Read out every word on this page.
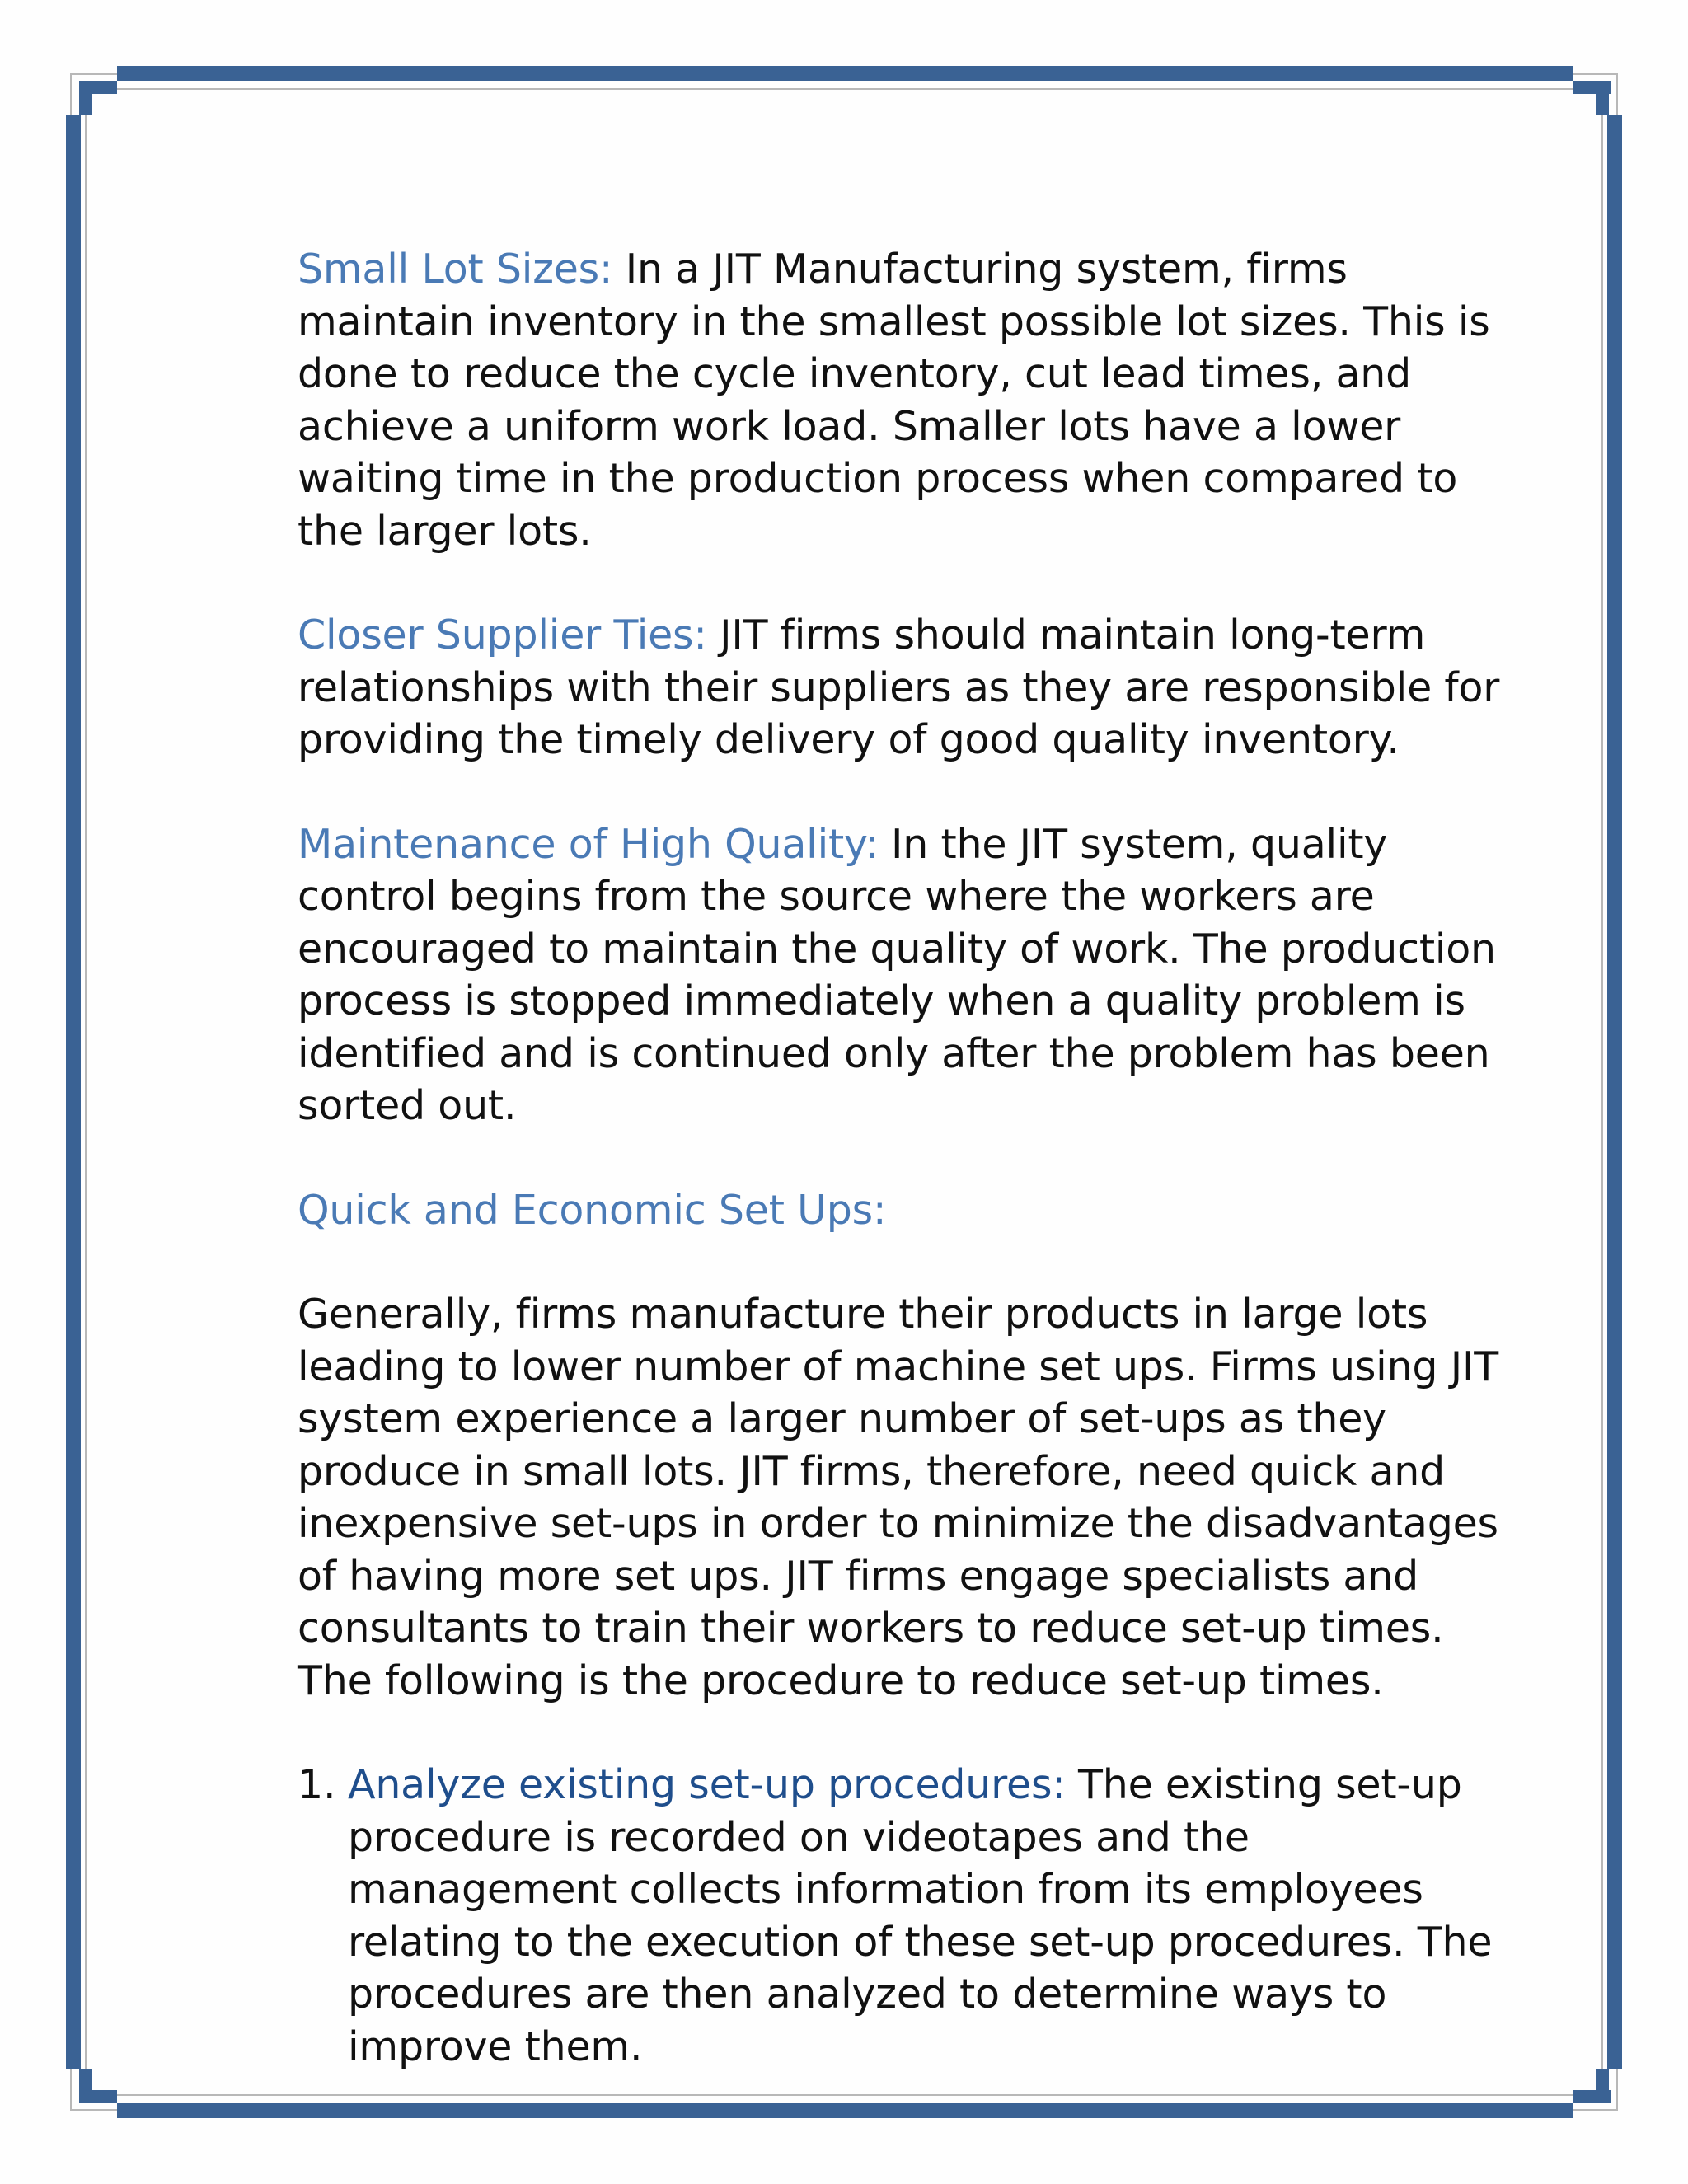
Small Lot Sizes: In a JIT Manufacturing system, firms maintain inventory in the smallest possible lot sizes. This is done to reduce the cycle inventory, cut lead times, and achieve a uniform work load. Smaller lots have a lower waiting time in the production process when compared to the larger lots.

Closer Supplier Ties: JIT firms should maintain long-term relationships with their suppliers as they are responsible for providing the timely delivery of good quality inventory.

Maintenance of High Quality: In the JIT system, quality control begins from the source where the workers are encouraged to maintain the quality of work. The production process is stopped immediately when a quality problem is identified and is continued only after the problem has been sorted out.

Quick and Economic Set Ups:

Generally, firms manufacture their products in large lots leading to lower number of machine set ups. Firms using JIT system experience a larger number of set-ups as they produce in small lots. JIT firms, therefore, need quick and inexpensive set-ups in order to minimize the disadvantages of having more set ups. JIT firms engage specialists and consultants to train their workers to reduce set-up times. The following is the procedure to reduce set-up times.

1. Analyze existing set-up procedures: The existing set-up procedure is recorded on videotapes and the management collects information from its employees relating to the execution of these set-up procedures. The procedures are then analyzed to determine ways to improve them.
